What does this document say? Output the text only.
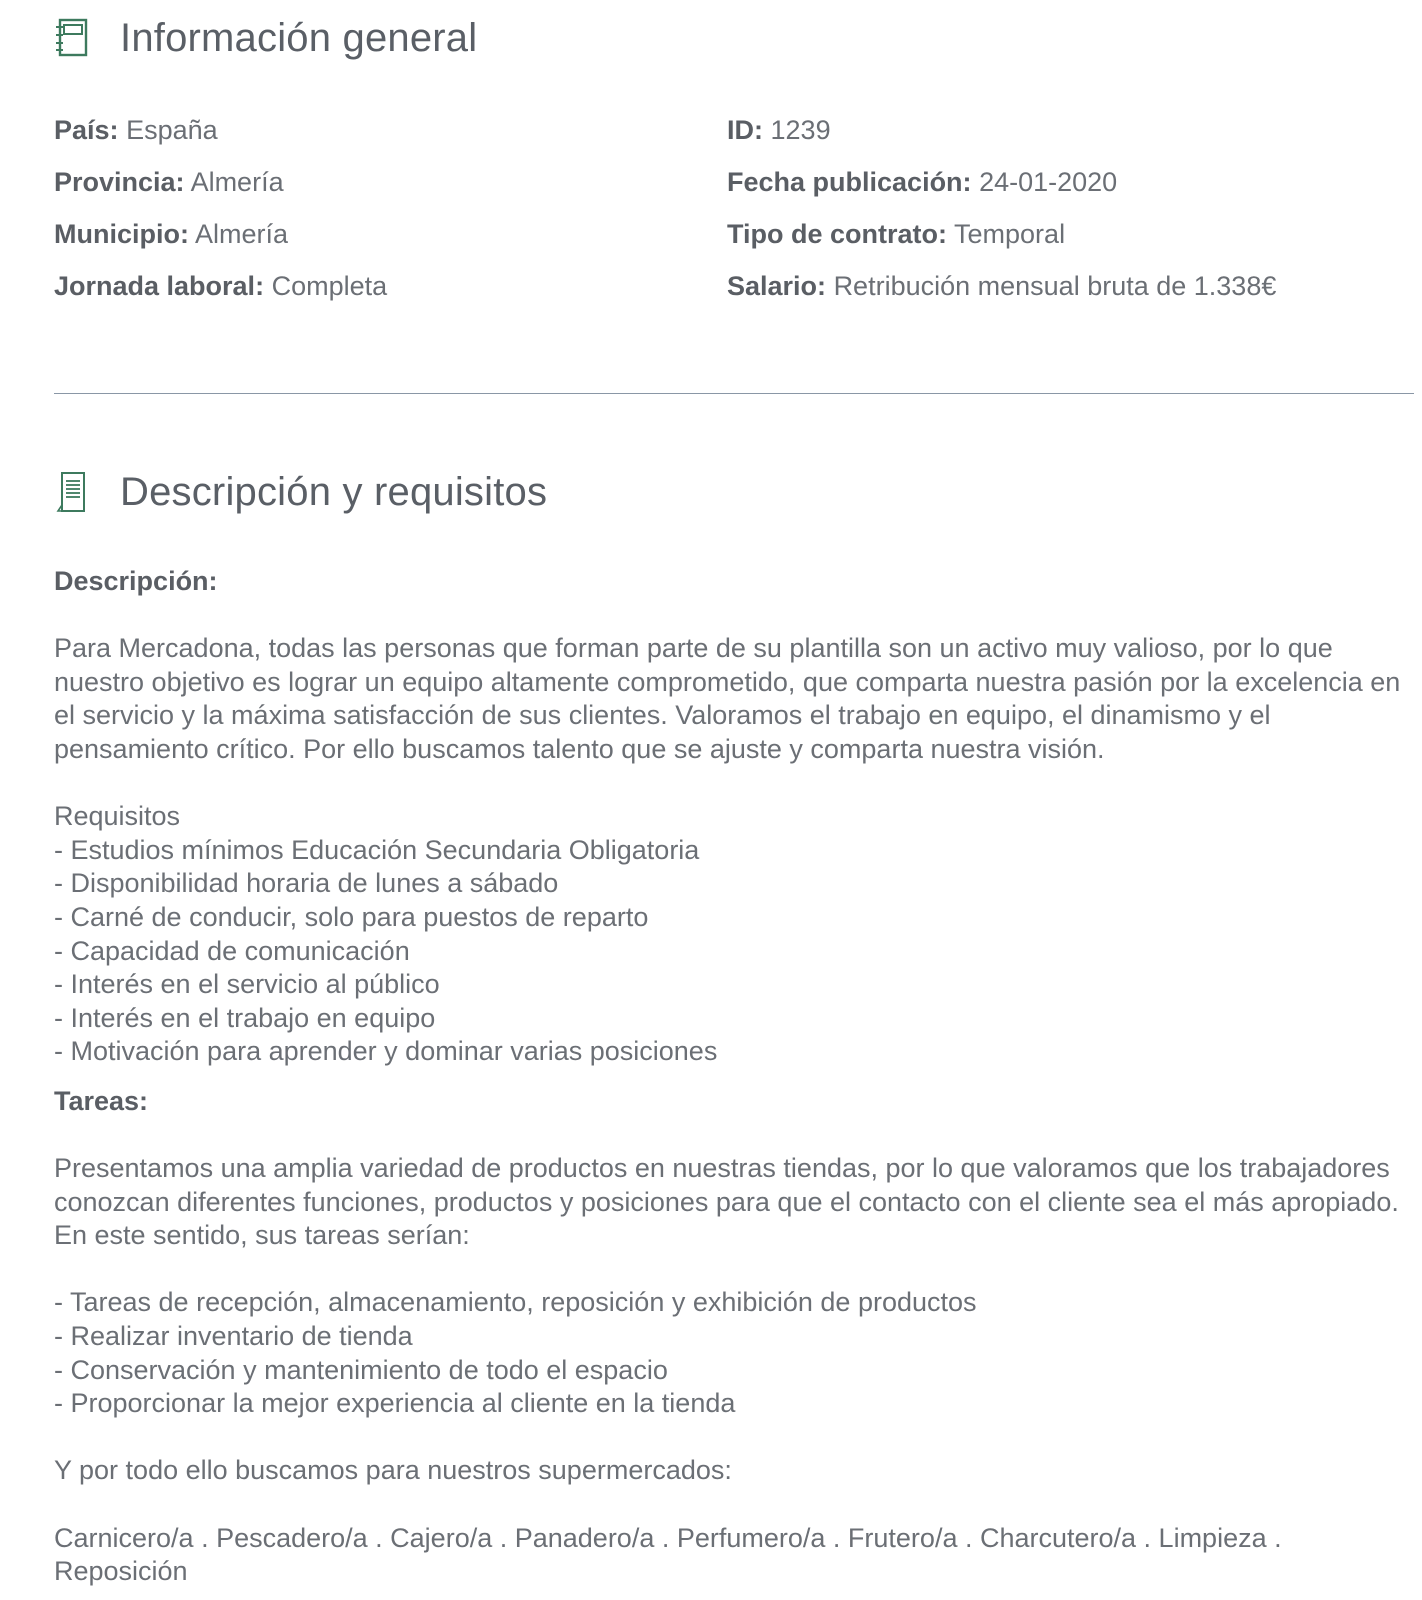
Información general
País: España
Provincia: Almería
Municipio: Almería
Jornada laboral: Completa
ID: 1239
Fecha publicación: 24-01-2020
Tipo de contrato: Temporal
Salario: Retribución mensual bruta de 1.338€
Descripción y requisitos

Descripción:

Para Mercadona, todas las personas que forman parte de su plantilla son un activo muy valioso, por lo que nuestro objetivo es lograr un equipo altamente comprometido, que comparta nuestra pasión por la excelencia en el servicio y la máxima satisfacción de sus clientes. Valoramos el trabajo en equipo, el dinamismo y el pensamiento crítico. Por ello buscamos talento que se ajuste y comparta nuestra visión.

Requisitos

- Estudios mínimos Educación Secundaria Obligatoria

- Disponibilidad horaria de lunes a sábado

- Carné de conducir, solo para puestos de reparto

- Capacidad de comunicación

- Interés en el servicio al público

- Interés en el trabajo en equipo

- Motivación para aprender y dominar varias posiciones

Tareas:

Presentamos una amplia variedad de productos en nuestras tiendas, por lo que valoramos que los trabajadores conozcan diferentes funciones, productos y posiciones para que el contacto con el cliente sea el más apropiado. En este sentido, sus tareas serían:

- Tareas de recepción, almacenamiento, reposición y exhibición de productos

- Realizar inventario de tienda

- Conservación y mantenimiento de todo el espacio

- Proporcionar la mejor experiencia al cliente en la tienda

Y por todo ello buscamos para nuestros supermercados:

Carnicero/a . Pescadero/a . Cajero/a . Panadero/a . Perfumero/a . Frutero/a . Charcutero/a . Limpieza . Reposición
